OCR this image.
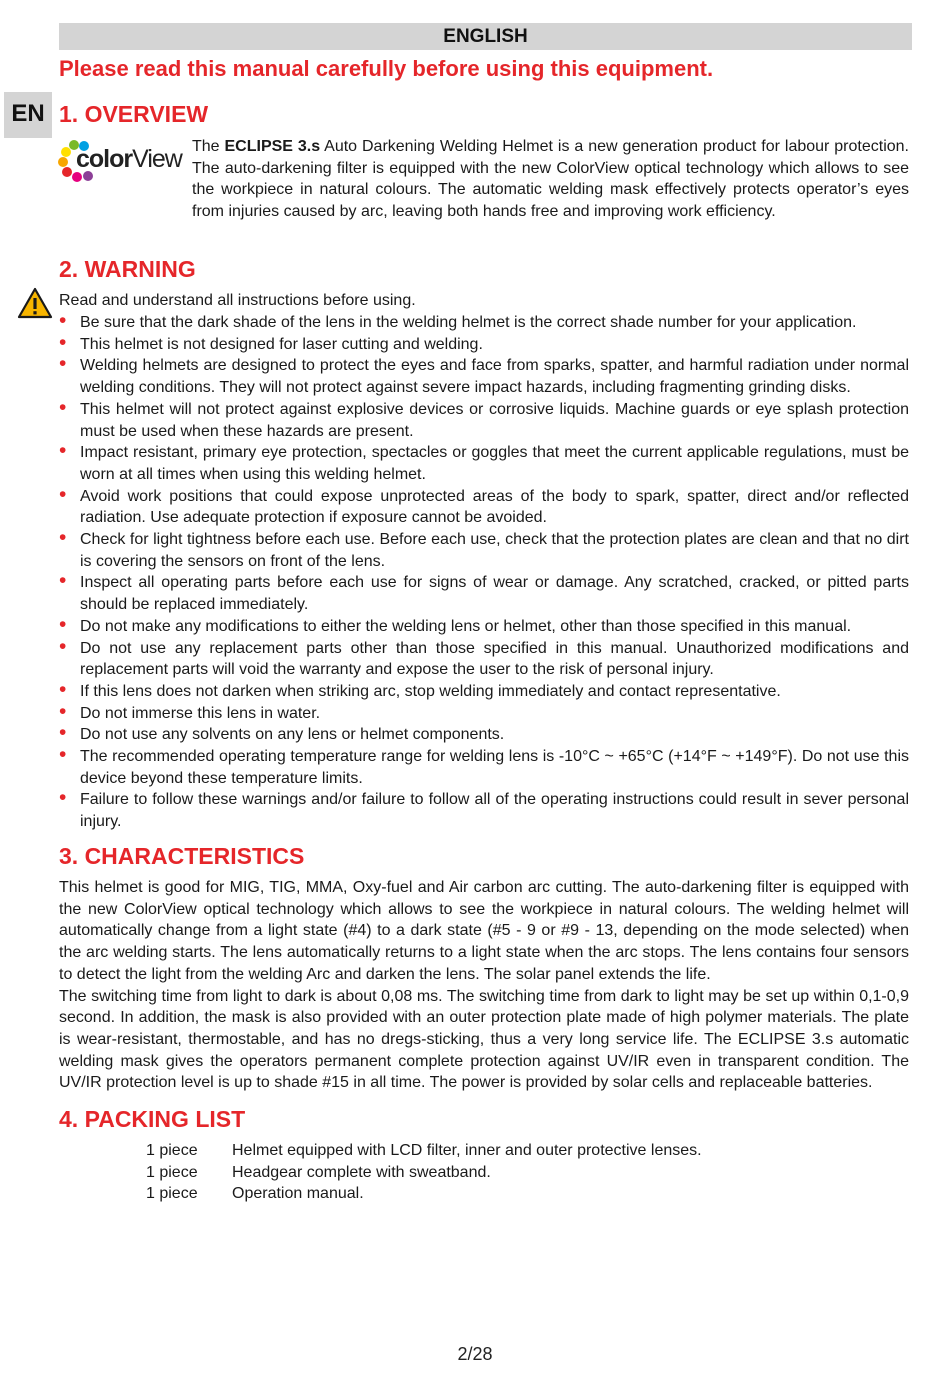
ENGLISH
EN
Please read this manual carefully before using this equipment.
1. OVERVIEW
colorView The ECLIPSE 3.s Auto Darkening Welding Helmet is a new generation product for labour protection. The auto-darkening filter is equipped with the new ColorView optical technology which allows to see the workpiece in natural colours. The automatic welding mask effectively protects operator’s eyes from injuries caused by arc, leaving both hands free and improving work efficiency.
2. WARNING
Read and understand all instructions before using.
• Be sure that the dark shade of the lens in the welding helmet is the correct shade number for your application.
• This helmet is not designed for laser cutting and welding.
• Welding helmets are designed to protect the eyes and face from sparks, spatter, and harmful radiation under normal welding conditions. They will not protect against severe impact hazards, including fragmenting grinding disks.
• This helmet will not protect against explosive devices or corrosive liquids. Machine guards or eye splash protection must be used when these hazards are present.
• Impact resistant, primary eye protection, spectacles or goggles that meet the current applicable regulations, must be worn at all times when using this welding helmet.
• Avoid work positions that could expose unprotected areas of the body to spark, spatter, direct and/or reflected radiation. Use adequate protection if exposure cannot be avoided.
• Check for light tightness before each use. Before each use, check that the protection plates are clean and that no dirt is covering the sensors on front of the lens.
• Inspect all operating parts before each use for signs of wear or damage. Any scratched, cracked, or pitted parts should be replaced immediately.
• Do not make any modifications to either the welding lens or helmet, other than those specified in this manual.
• Do not use any replacement parts other than those specified in this manual. Unauthorized modifications and replacement parts will void the warranty and expose the user to the risk of personal injury.
• If this lens does not darken when striking arc, stop welding immediately and contact representative.
• Do not immerse this lens in water.
• Do not use any solvents on any lens or helmet components.
• The recommended operating temperature range for welding lens is -10°C ~ +65°C (+14°F ~ +149°F). Do not use this device beyond these temperature limits.
• Failure to follow these warnings and/or failure to follow all of the operating instructions could result in sever personal injury.
3. CHARACTERISTICS

This helmet is good for MIG, TIG, MMA, Oxy-fuel and Air carbon arc cutting. The auto-darkening filter is equipped with the new ColorView optical technology which allows to see the workpiece in natural colours. The welding helmet will automatically change from a light state (#4) to a dark state (#5 - 9 or #9 - 13, depending on the mode selected) when the arc welding starts. The lens automatically returns to a light state when the arc stops. The lens contains four sensors to detect the light from the welding Arc and darken the lens. The solar panel extends the life.

The switching time from light to dark is about 0,08 ms. The switching time from dark to light may be set up within 0,1-0,9 second. In addition, the mask is also provided with an outer protection plate made of high polymer materials. The plate is wear-resistant, thermostable, and has no dregs-sticking, thus a very long service life. The ECLIPSE 3.s automatic welding mask gives the operators permanent complete protection against UV/IR even in transparent condition. The UV/IR protection level is up to shade #15 in all time. The power is provided by solar cells and replaceable batteries.

4. PACKING LIST
1 piece	Helmet equipped with LCD filter, inner and outer protective lenses.
1 piece	Headgear complete with sweatband.
1 piece	Operation manual.
2/28
